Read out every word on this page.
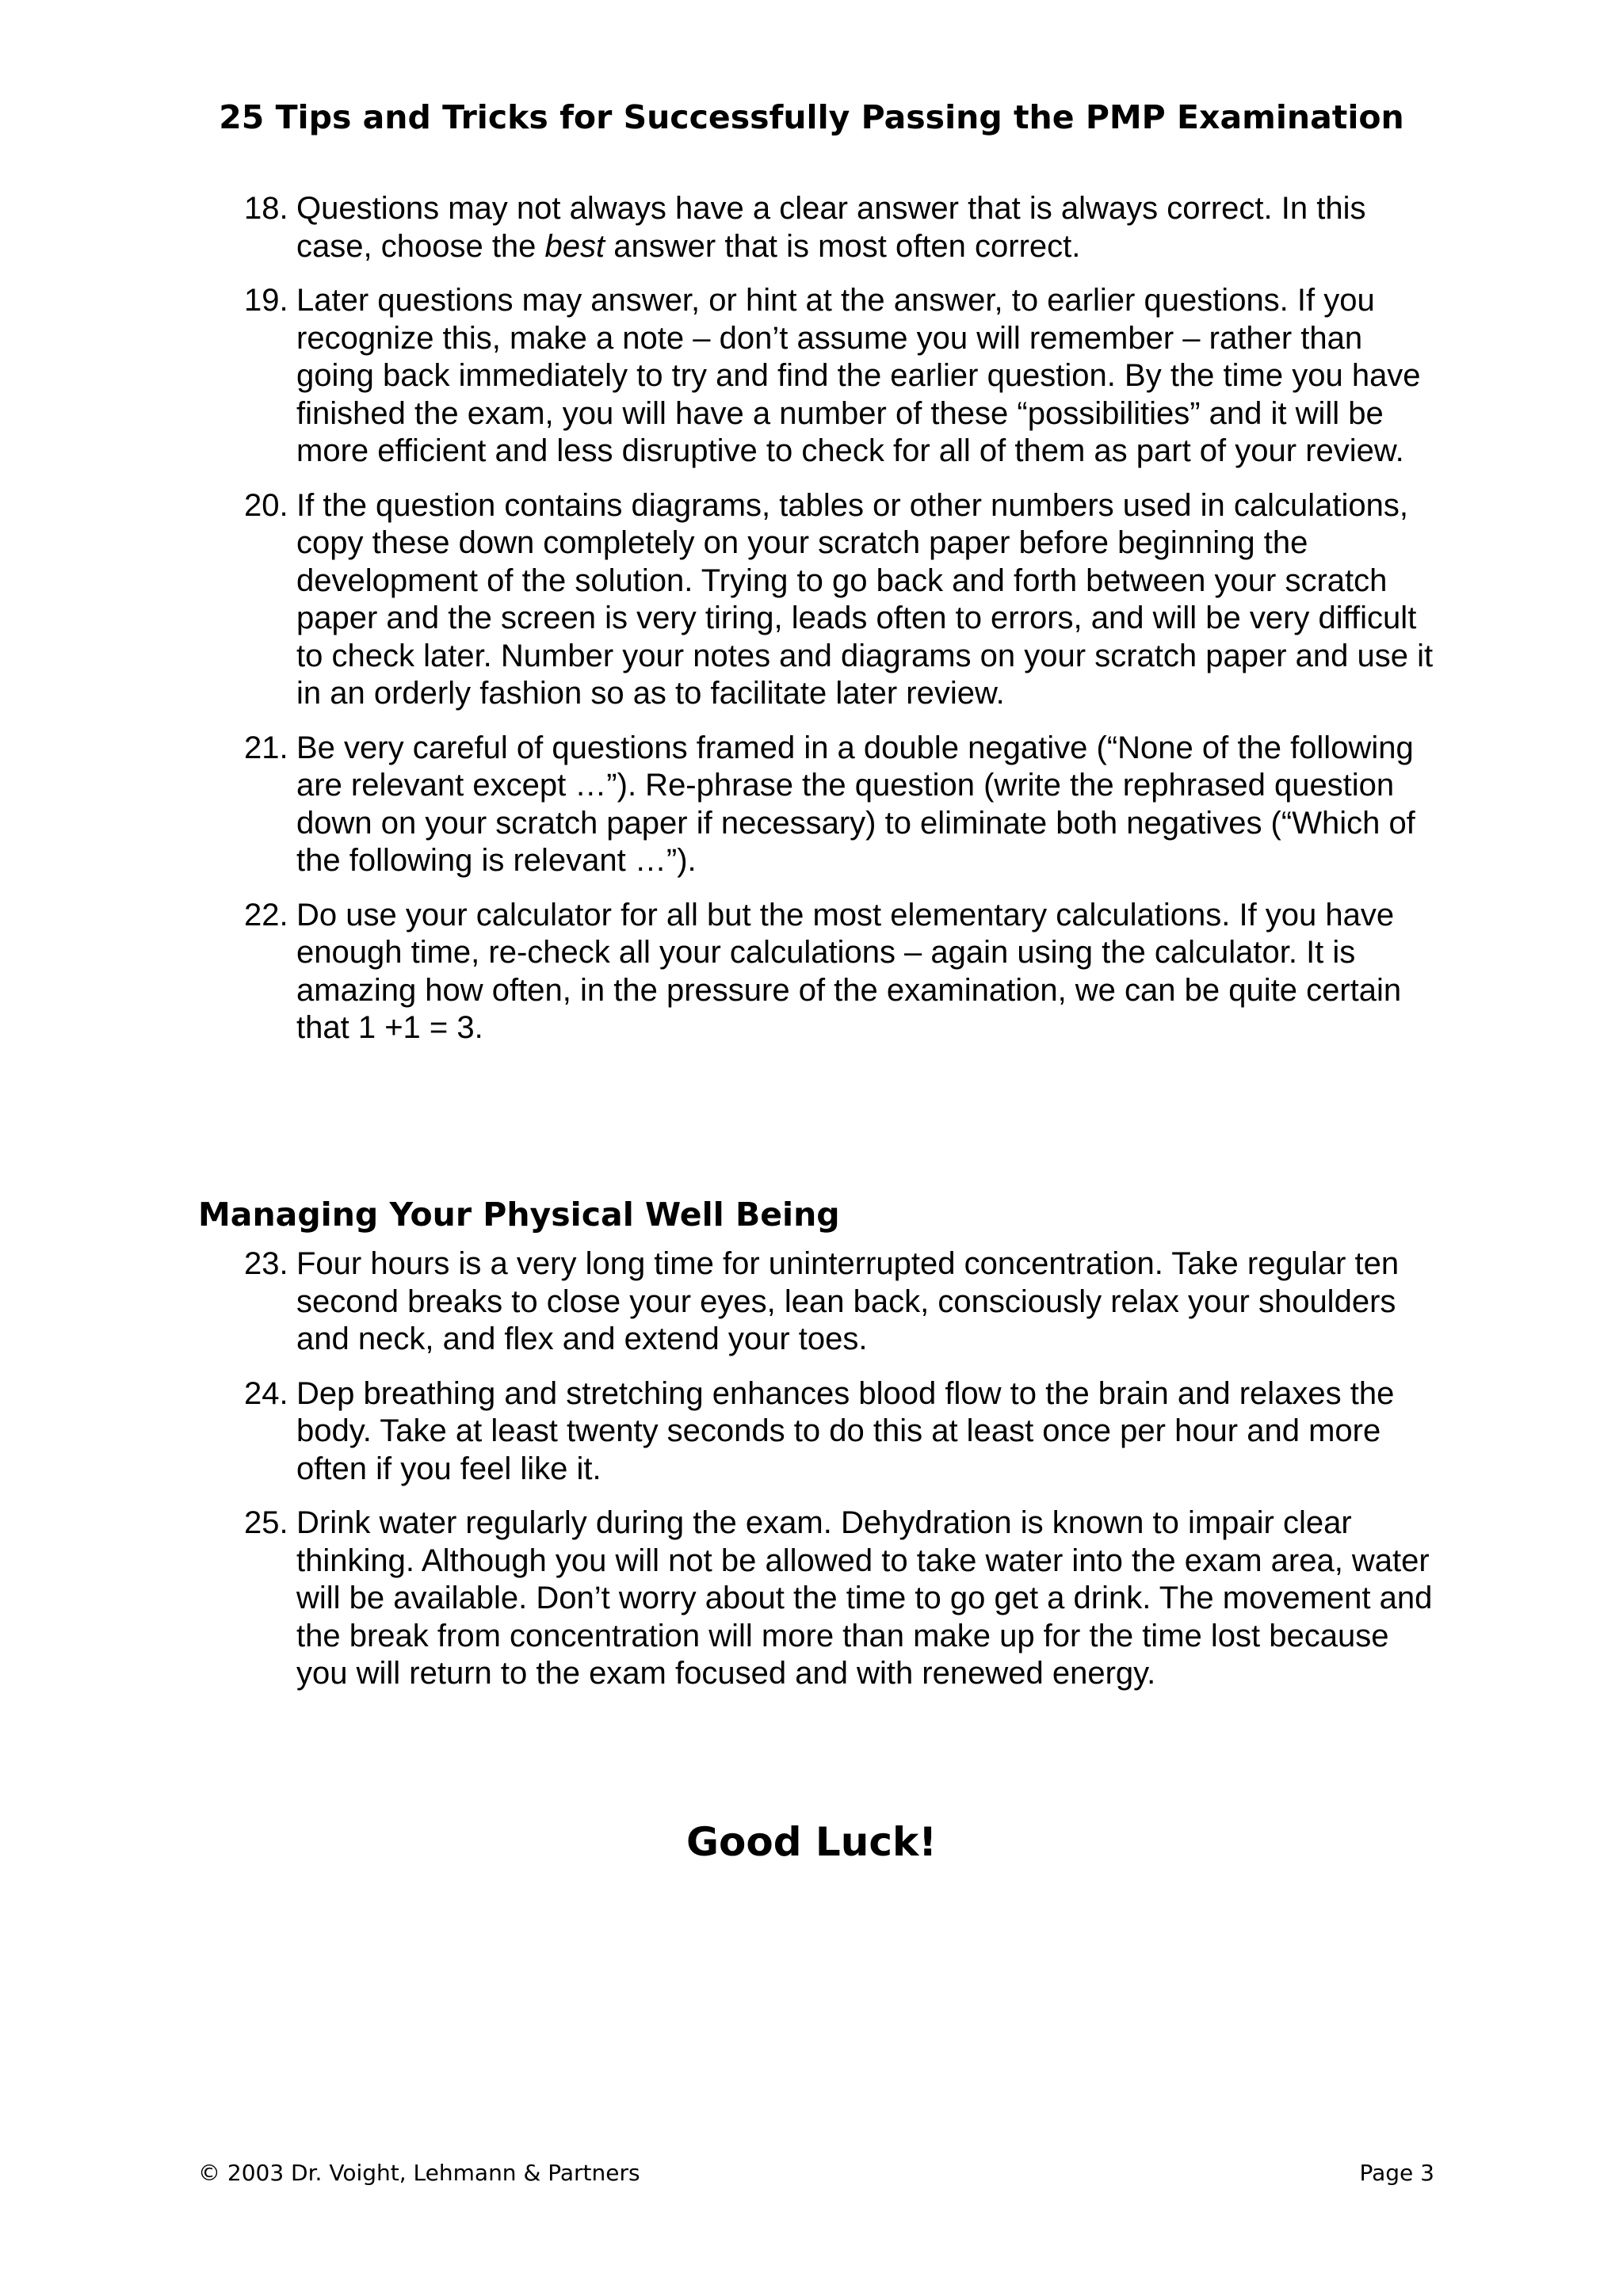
25 Tips and Tricks for Successfully Passing the PMP Examination
18. Questions may not always have a clear answer that is always correct. In this case, choose the best answer that is most often correct.
19. Later questions may answer, or hint at the answer, to earlier questions. If you recognize this, make a note – don’t assume you will remember – rather than going back immediately to try and find the earlier question. By the time you have finished the exam, you will have a number of these “possibilities” and it will be more efficient and less disruptive to check for all of them as part of your review.
20. If the question contains diagrams, tables or other numbers used in calculations, copy these down completely on your scratch paper before beginning the development of the solution. Trying to go back and forth between your scratch paper and the screen is very tiring, leads often to errors, and will be very difficult to check later. Number your notes and diagrams on your scratch paper and use it in an orderly fashion so as to facilitate later review.
21. Be very careful of questions framed in a double negative (“None of the following are relevant except …”). Re-phrase the question (write the rephrased question down on your scratch paper if necessary) to eliminate both negatives (“Which of the following is relevant …”).
22. Do use your calculator for all but the most elementary calculations. If you have enough time, re-check all your calculations – again using the calculator. It is amazing how often, in the pressure of the examination, we can be quite certain that 1 +1 = 3.
Managing Your Physical Well Being
23. Four hours is a very long time for uninterrupted concentration. Take regular ten second breaks to close your eyes, lean back, consciously relax your shoulders and neck, and flex and extend your toes.
24. Dep breathing and stretching enhances blood flow to the brain and relaxes the body. Take at least twenty seconds to do this at least once per hour and more often if you feel like it.
25. Drink water regularly during the exam. Dehydration is known to impair clear thinking. Although you will not be allowed to take water into the exam area, water will be available. Don’t worry about the time to go get a drink. The movement and the break from concentration will more than make up for the time lost because you will return to the exam focused and with renewed energy.

Good Luck!

© 2003 Dr. Voight, Lehmann & Partners	Page 3
